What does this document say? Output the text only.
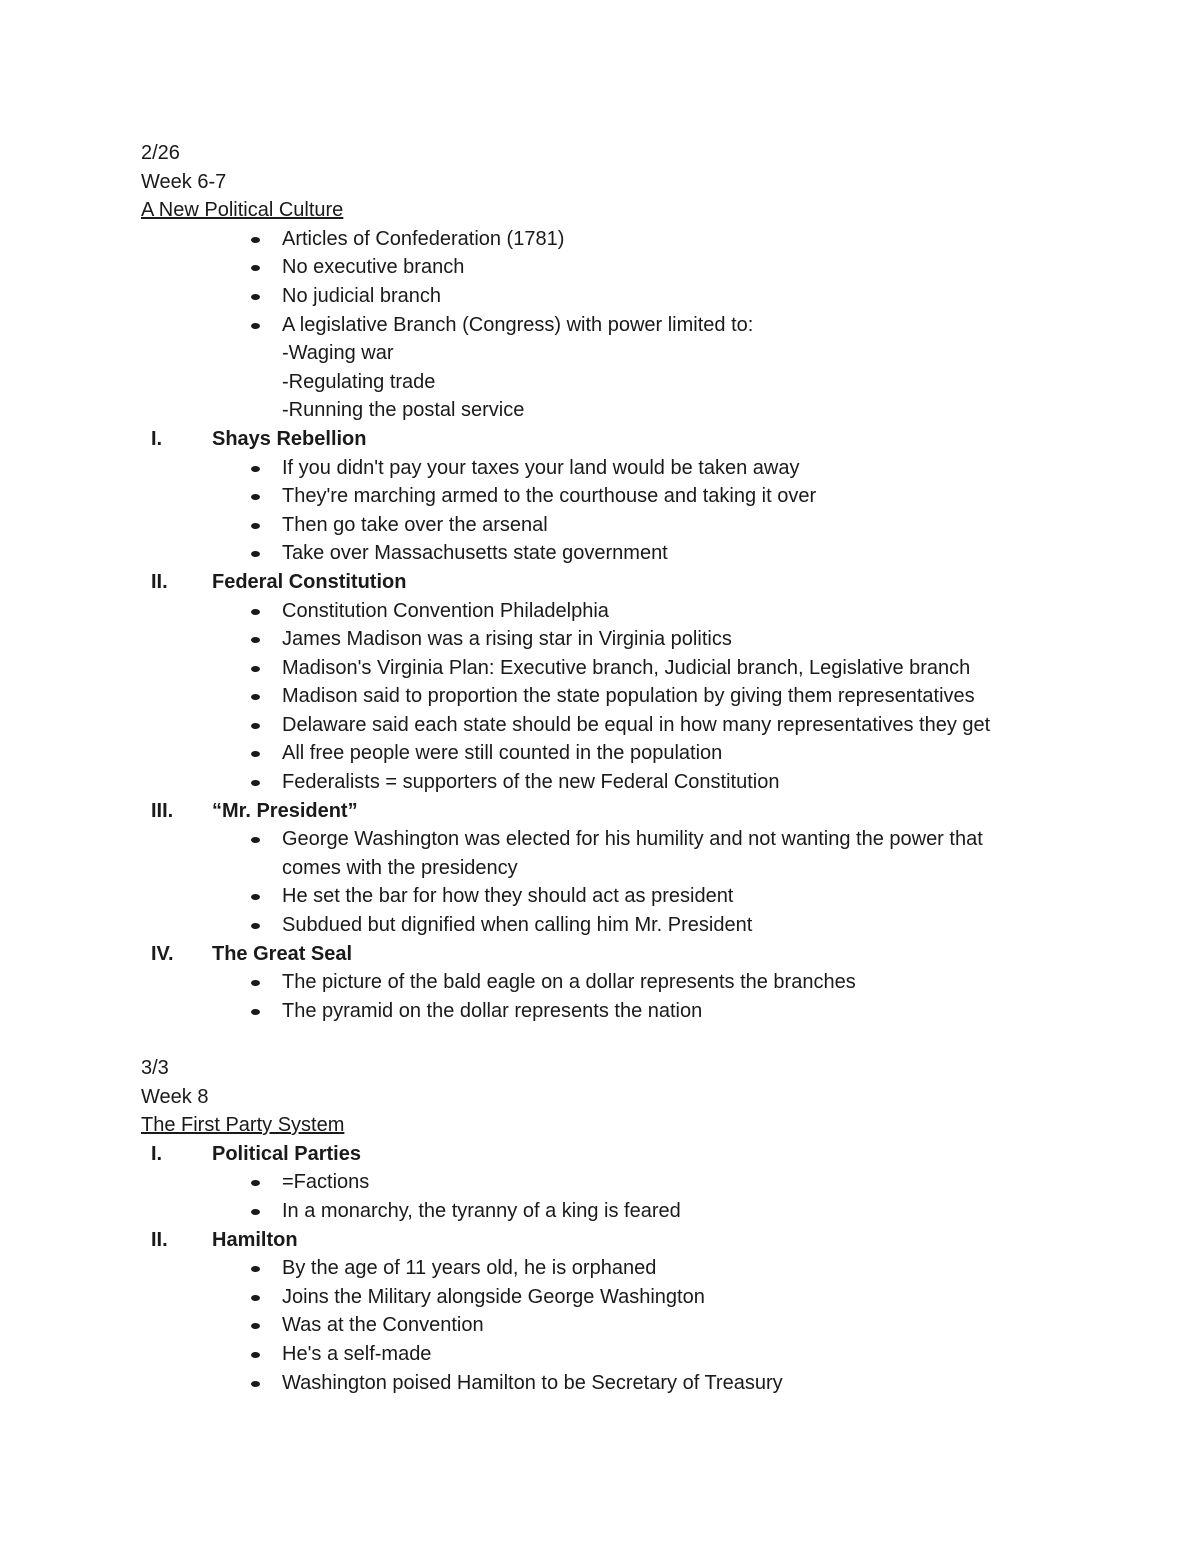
2/26
Week 6-7
A New Political Culture
Articles of Confederation (1781)
No executive branch
No judicial branch
A legislative Branch (Congress) with power limited to:
-Waging war
-Regulating trade
-Running the postal service
I.	Shays Rebellion
If you didn't pay your taxes your land would be taken away
They're marching armed to the courthouse and taking it over
Then go take over the arsenal
Take over Massachusetts state government
II.	Federal Constitution
Constitution Convention Philadelphia
James Madison was a rising star in Virginia politics
Madison's Virginia Plan: Executive branch, Judicial branch, Legislative branch
Madison said to proportion the state population by giving them representatives
Delaware said each state should be equal in how many representatives they get
All free people were still counted in the population
Federalists = supporters of the new Federal Constitution
III.	“Mr. President”
George Washington was elected for his humility and not wanting the power that comes with the presidency
He set the bar for how they should act as president
Subdued but dignified when calling him Mr. President
IV.	The Great Seal
The picture of the bald eagle on a dollar represents the branches
The pyramid on the dollar represents the nation
3/3
Week 8
The First Party System
I.	Political Parties
=Factions
In a monarchy, the tyranny of a king is feared
II.	Hamilton
By the age of 11 years old, he is orphaned
Joins the Military alongside George Washington
Was at the Convention
He's a self-made
Washington poised Hamilton to be Secretary of Treasury
